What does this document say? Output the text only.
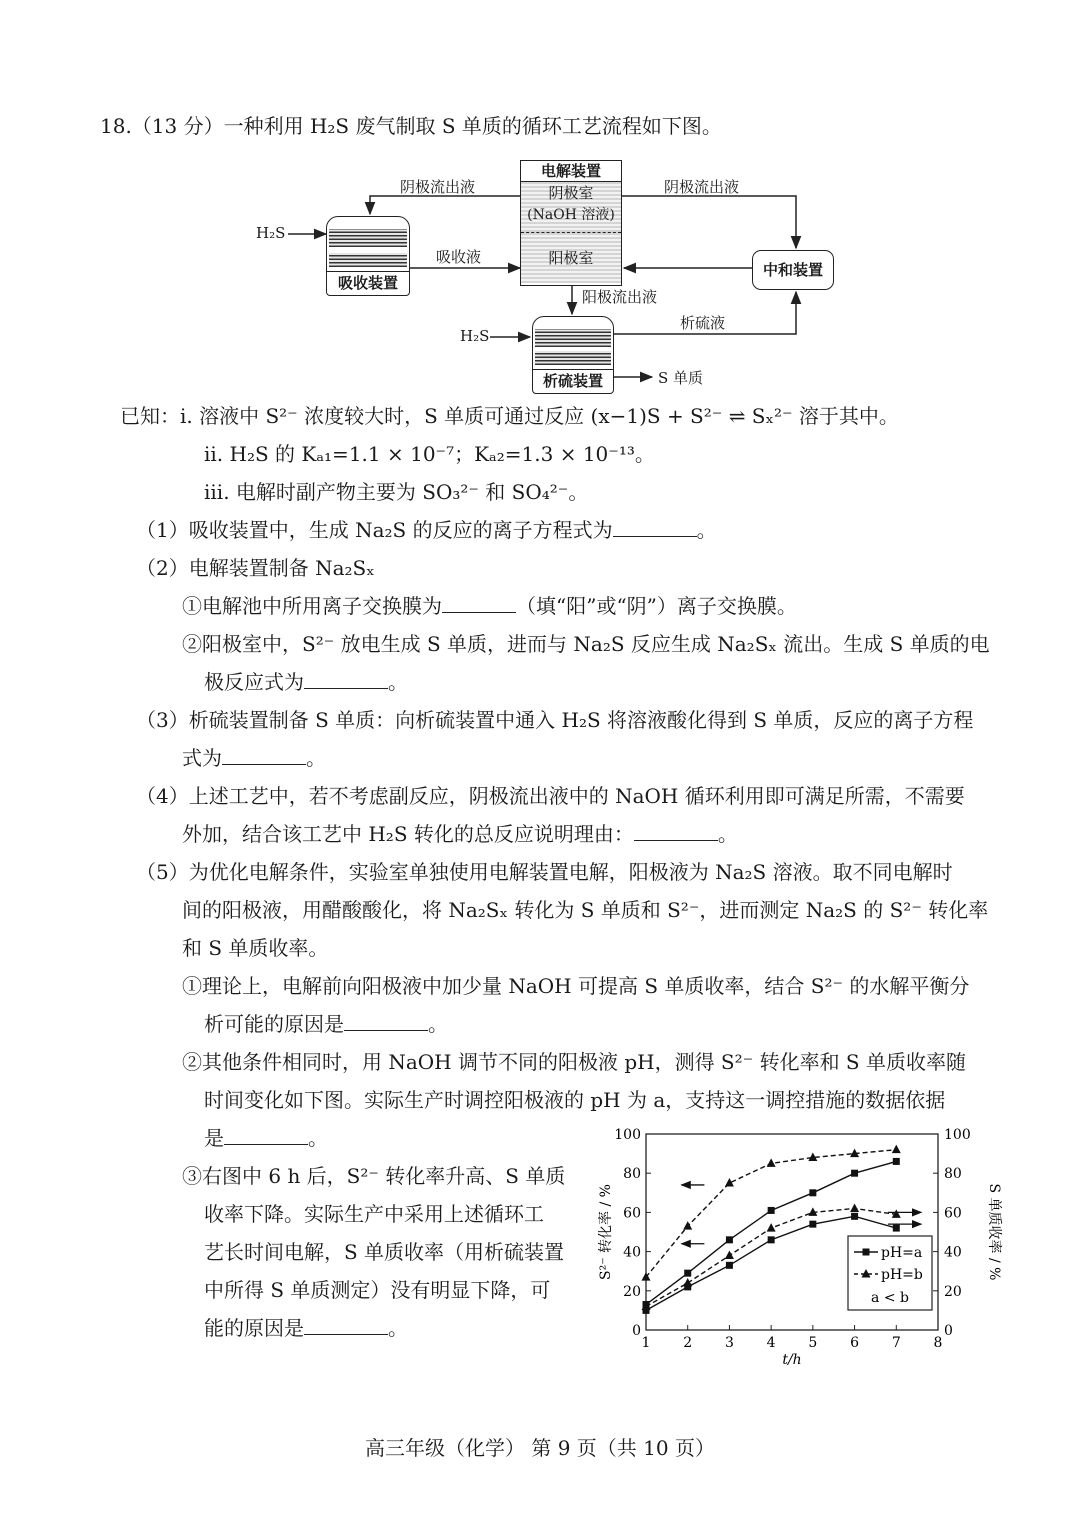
18.（13 分）一种利用 H₂S 废气制取 S 单质的循环工艺流程如下图。
电解装置
阴极室
(NaOH 溶液)
阳极室
吸收装置
中和装置
析硫装置
阴极流出液	阴极流出液
H₂S
吸收液
阳极流出液
析硫液
H₂S
S 单质
已知：i. 溶液中 S²⁻ 浓度较大时，S 单质可通过反应 (x−1)S + S²⁻ ⇌ Sₓ²⁻ 溶于其中。
ii. H₂S 的 Kₐ₁=1.1 × 10⁻⁷；Kₐ₂=1.3 × 10⁻¹³。
iii. 电解时副产物主要为 SO₃²⁻ 和 SO₄²⁻。
（1）吸收装置中，生成 Na₂S 的反应的离子方程式为	。
（2）电解装置制备 Na₂Sₓ
①电解池中所用离子交换膜为	（填“阳”或“阴”）离子交换膜。
②阳极室中，S²⁻ 放电生成 S 单质，进而与 Na₂S 反应生成 Na₂Sₓ 流出。生成 S 单质的电
极反应式为	。
（3）析硫装置制备 S 单质：向析硫装置中通入 H₂S 将溶液酸化得到 S 单质，反应的离子方程
式为	。
（4）上述工艺中，若不考虑副反应，阴极流出液中的 NaOH 循环利用即可满足所需，不需要
外加，结合该工艺中 H₂S 转化的总反应说明理由：	。
（5）为优化电解条件，实验室单独使用电解装置电解，阳极液为 Na₂S 溶液。取不同电解时
间的阳极液，用醋酸酸化，将 Na₂Sₓ 转化为 S 单质和 S²⁻，进而测定 Na₂S 的 S²⁻ 转化率
和 S 单质收率。
①理论上，电解前向阳极液中加少量 NaOH 可提高 S 单质收率，结合 S²⁻ 的水解平衡分
析可能的原因是	。
②其他条件相同时，用 NaOH 调节不同的阳极液 pH，测得 S²⁻ 转化率和 S 单质收率随
时间变化如下图。实际生产时调控阳极液的 pH 为 a，支持这一调控措施的数据依据
是	。
③右图中 6 h 后，S²⁻ 转化率升高、S 单质
收率下降。实际生产中采用上述循环工
艺长时间电解，S 单质收率（用析硫装置
中所得 S 单质测定）没有明显下降，可
能的原因是	。
1 2 3 4 5 6 7 8
0	0
20	20
40	40
60	60
80	80
100	100
t/h
S²⁻ 转化率 / %	S 单质收率 / %
pH=a
pH=b
a < b
高三年级（化学） 第 9 页（共 10 页）
